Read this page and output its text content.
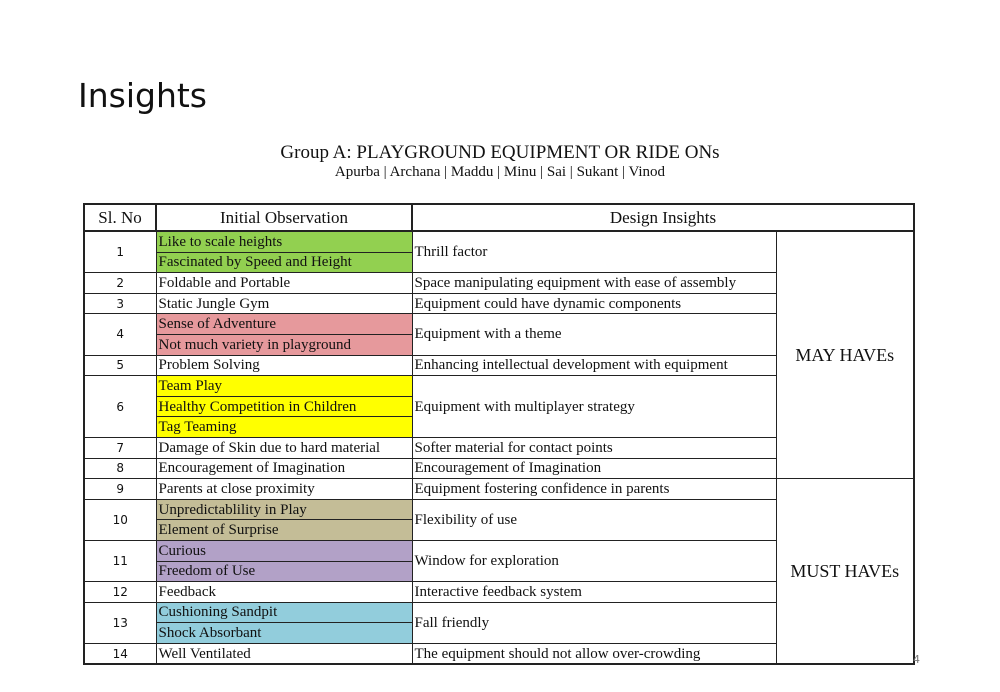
Insights
Group A: PLAYGROUND EQUIPMENT OR RIDE ONs
Apurba | Archana | Maddu | Minu | Sai | Sukant | Vinod
Sl. No	Initial Observation	Design Insights	
1	Like to scale heights	Thrill factor	MAY HAVEs
	Fascinated by Speed and Height		
2	Foldable and Portable	Space manipulating equipment with ease of assembly	
3	Static Jungle Gym	Equipment could have dynamic components	
4	Sense of Adventure	Equipment with a theme	
	Not much variety in playground		
5	Problem Solving	Enhancing intellectual development with equipment	
6	Team Play	Equipment with multiplayer strategy	
	Healthy Competition in Children		
	Tag Teaming		
7	Damage of Skin due to hard material	Softer material for contact points	
8	Encouragement of Imagination	Encouragement of Imagination	
9	Parents at close proximity	Equipment fostering confidence in parents	MUST HAVEs
10	Unpredictablility in Play	Flexibility of use	
	Element of Surprise		
11	Curious	Window for exploration	
	Freedom of Use		
12	Feedback	Interactive feedback system	
13	Cushioning Sandpit	Fall friendly	
	Shock Absorbant		
14	Well Ventilated	The equipment should not allow over-crowding		4
